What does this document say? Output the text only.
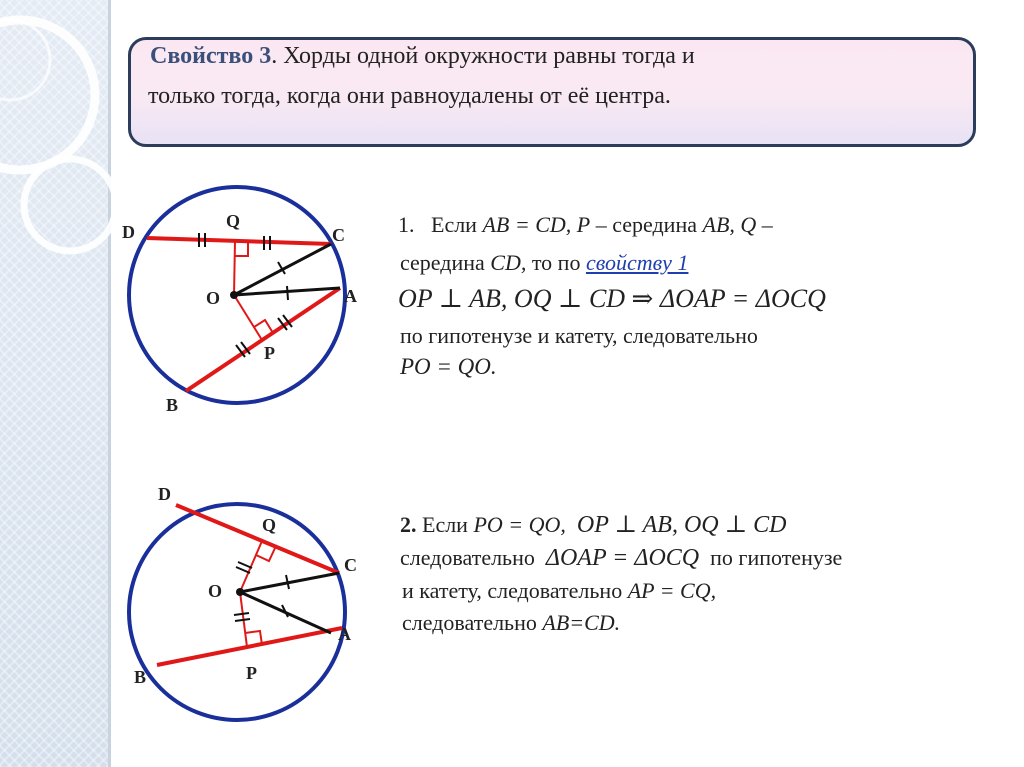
Свойство 3. Хорды одной окружности равны тогда и
только тогда, когда они равноудалены от её центра.
D
Q
C
O	A
P
B
D
Q
C
O
A
P
B
1. Если AB = CD, P – середина AB, Q –
середина CD, то по свойству 1
OP ⊥ AB, OQ ⊥ CD ⇒ ΔOAP = ΔOCQ
по гипотенузе и катету, следовательно
PO = QO.
2. Если PO = QO, OP ⊥ AB, OQ ⊥ CD
следовательно ΔOAP = ΔOCQ по гипотенузе
и катету, следовательно AP = CQ,
следовательно AB=CD.
